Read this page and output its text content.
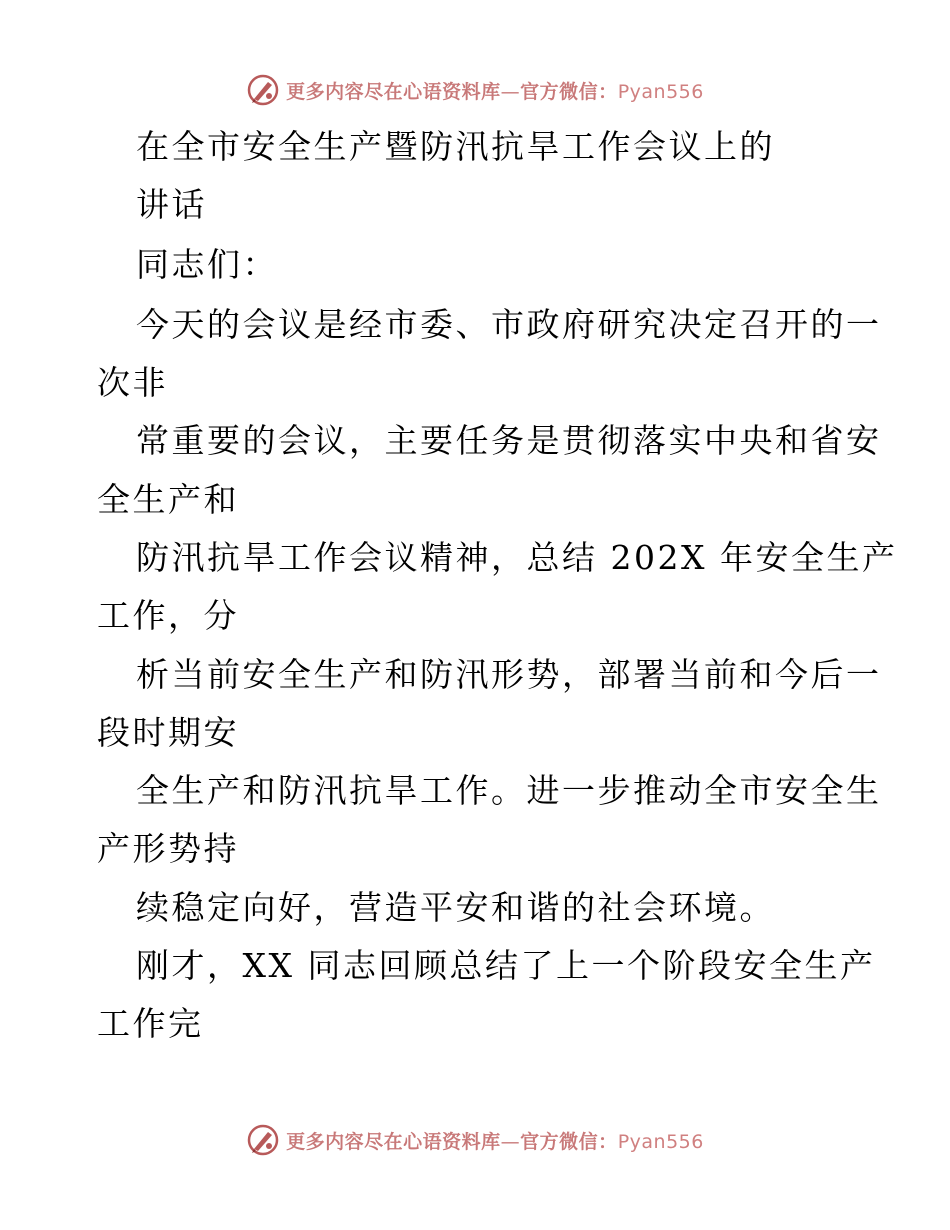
更多内容尽在心语资料库—官方微信：Pyan556
在全市安全生产暨防汛抗旱工作会议上的
讲话
同志们：
今天的会议是经市委、市政府研究决定召开的一
次非
常重要的会议，主要任务是贯彻落实中央和省安
全生产和
防汛抗旱工作会议精神，总结 202X 年安全生产
工作，分
析当前安全生产和防汛形势，部署当前和今后一
段时期安
全生产和防汛抗旱工作。进一步推动全市安全生
产形势持
续稳定向好，营造平安和谐的社会环境。
刚才，XX 同志回顾总结了上一个阶段安全生产
工作完
更多内容尽在心语资料库—官方微信：Pyan556
